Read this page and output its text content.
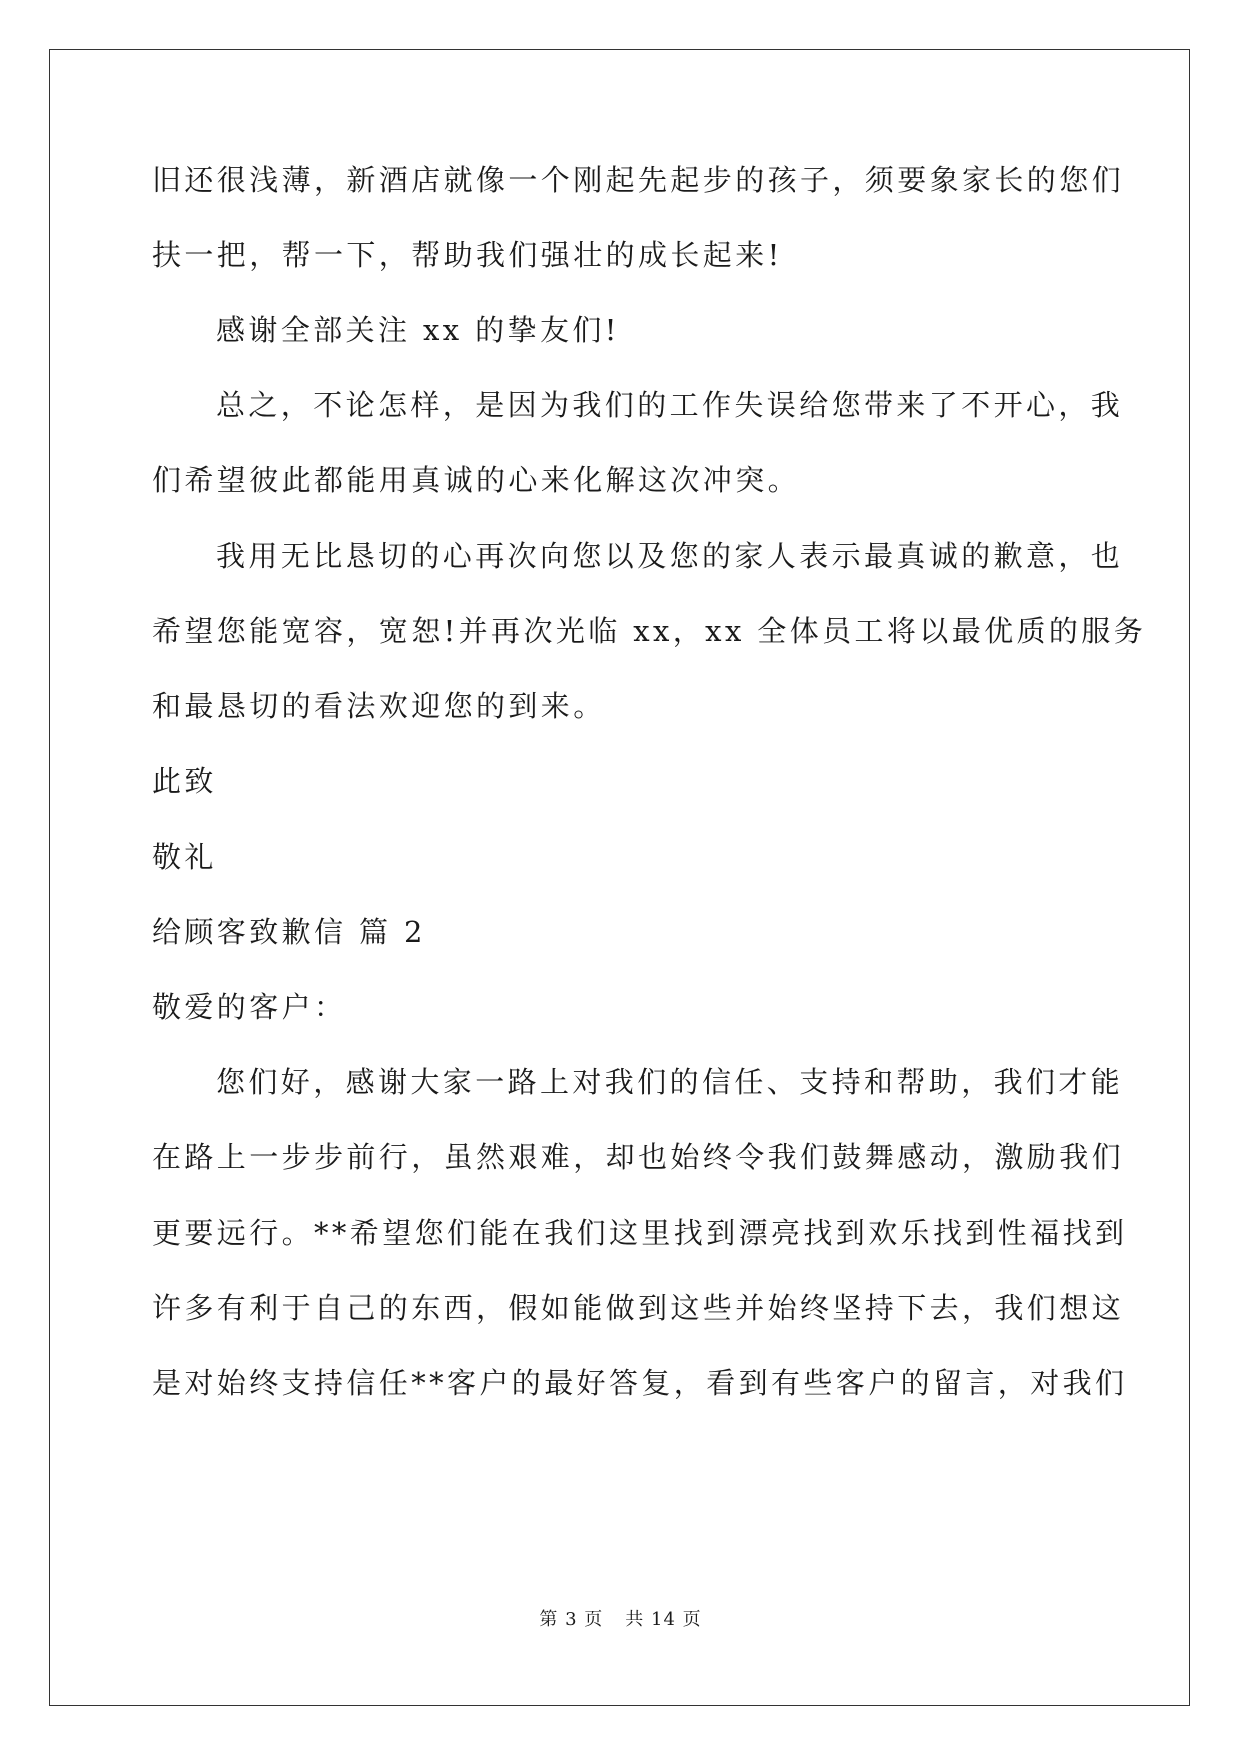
旧还很浅薄，新酒店就像一个刚起先起步的孩子，须要象家长的您们
扶一把，帮一下，帮助我们强壮的成长起来!
感谢全部关注 xx 的挚友们!
总之，不论怎样，是因为我们的工作失误给您带来了不开心，我
们希望彼此都能用真诚的心来化解这次冲突。
我用无比恳切的心再次向您以及您的家人表示最真诚的歉意，也
希望您能宽容，宽恕!并再次光临 xx，xx 全体员工将以最优质的服务
和最恳切的看法欢迎您的到来。
此致
敬礼
给顾客致歉信 篇 2
敬爱的客户：
您们好，感谢大家一路上对我们的信任、支持和帮助，我们才能
在路上一步步前行，虽然艰难，却也始终令我们鼓舞感动，激励我们
更要远行。**希望您们能在我们这里找到漂亮找到欢乐找到性福找到
许多有利于自己的东西，假如能做到这些并始终坚持下去，我们想这
是对始终支持信任**客户的最好答复，看到有些客户的留言，对我们
第 3 页 共 14 页
